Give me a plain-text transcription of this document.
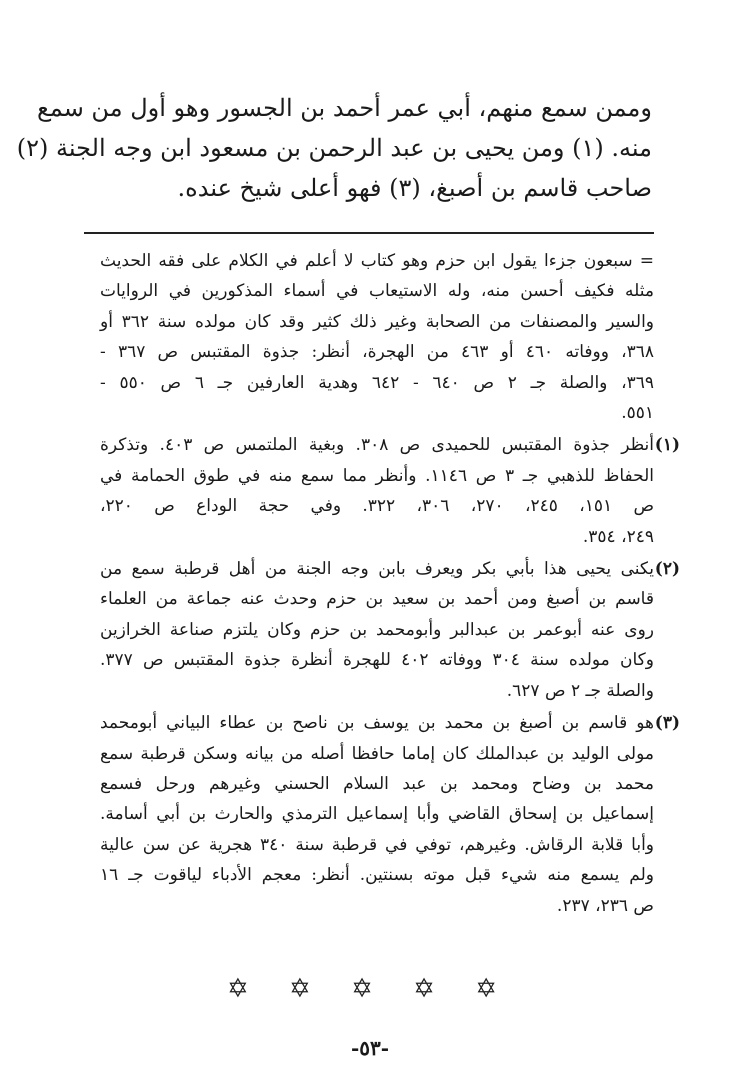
وممن سمع منهم، أبي عمر أحمد بن الجسور وهو أول من سمع
منه. (١) ومن يحيى بن عبد الرحمن بن مسعود ابن وجه الجنة (٢)
صاحب قاسم بن أصبغ، (٣) فهو أعلى شيخ عنده.
= سبعون جزءا يقول ابن حزم وهو كتاب لا أعلم في الكلام على فقه الحديث
مثله فكيف أحسن منه، وله الاستيعاب في أسماء المذكورين في الروايات
والسير والمصنفات من الصحابة وغير ذلك كثير وقد كان مولده سنة ٣٦٢ أو
٣٦٨، ووفاته ٤٦٠ أو ٤٦٣ من الهجرة، أنظر: جذوة المقتبس ص ٣٦٧ -
٣٦٩، والصلة جـ ٢ ص ٦٤٠ - ٦٤٢ وهدية العارفين جـ ٦ ص ٥٥٠ -
٥٥١.
(١)
أنظر جذوة المقتبس للحميدى ص ٣٠٨. وبغية الملتمس ص ٤٠٣. وتذكرة
الحفاظ للذهبي جـ ٣ ص ١١٤٦. وأنظر مما سمع منه في طوق الحمامة في
ص ١٥١، ٢٤٥، ٢٧٠، ٣٠٦، ٣٢٢. وفي حجة الوداع ص ٢٢٠،
٢٤٩، ٣٥٤.
(٢)
يكنى يحيى هذا بأبي بكر ويعرف بابن وجه الجنة من أهل قرطبة سمع من
قاسم بن أصبغ ومن أحمد بن سعيد بن حزم وحدث عنه جماعة من العلماء
روى عنه أبوعمر بن عبدالبر وأبومحمد بن حزم وكان يلتزم صناعة الخرازين
وكان مولده سنة ٣٠٤ ووفاته ٤٠٢ للهجرة أنظرة جذوة المقتبس ص ٣٧٧.
والصلة جـ ٢ ص ٦٢٧.
(٣)
هو قاسم بن أصبغ بن محمد بن يوسف بن ناصح بن عطاء البياني أبومحمد
مولى الوليد بن عبدالملك كان إماما حافظا أصله من بيانه وسكن قرطبة سمع
محمد بن وضاح ومحمد بن عبد السلام الحسني وغيرهم ورحل فسمع
إسماعيل بن إسحاق القاضي وأبا إسماعيل الترمذي والحارث بن أبي أسامة.
وأبا قلابة الرقاش. وغيرهم، توفي في قرطبة سنة ٣٤٠ هجرية عن سن عالية
ولم يسمع منه شيء قبل موته بسنتين. أنظر: معجم الأدباء لياقوت جـ ١٦
ص ٢٣٦، ٢٣٧.
✡ ✡ ✡ ✡ ✡
-٥٣-
